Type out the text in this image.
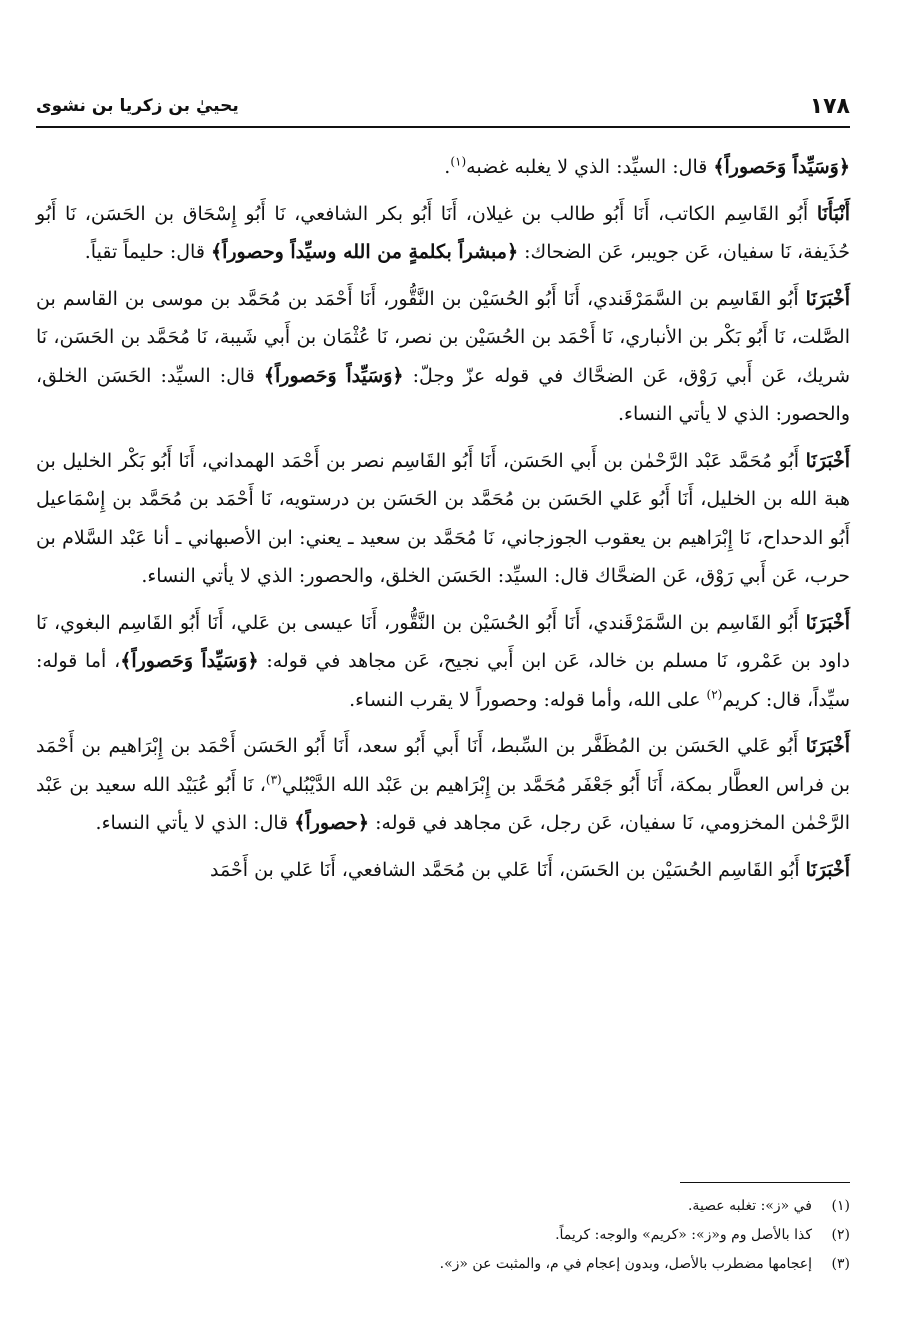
١٧٨
يحييٰ بن زكريا بن نشوى

﴿وَسَيِّداً وَحَصوراً﴾ قال: السيِّد: الذي لا يغلبه غضبه$^{(١)}$.

أَنْبَأَنَا أَبُو القَاسِم الكاتب، أَنَا أَبُو طالب بن غيلان، أَنَا أَبُو بكر الشافعي، نَا أَبُو إِسْحَاق بن الحَسَن، نَا أَبُو حُذَيفة، نَا سفيان، عَن جويبر، عَن الضحاك: ﴿مبشراً بكلمةٍ من الله وسيِّداً وحصوراً﴾ قال: حليماً تقياً.

أَخْبَرَنَا أَبُو القَاسِم بن السَّمَرْقَندي، أَنَا أَبُو الحُسَيْن بن النَّقُّور، أَنَا أَحْمَد بن مُحَمَّد بن موسى بن القاسم بن الصَّلت، نَا أَبُو بَكْر بن الأنباري، نَا أَحْمَد بن الحُسَيْن بن نصر، نَا عُثْمَان بن أَبي شَيبة، نَا مُحَمَّد بن الحَسَن، نَا شريك، عَن أَبي رَوْق، عَن الضحَّاك في قوله عزّ وجلّ: ﴿وَسَيِّداً وَحَصوراً﴾ قال: السيِّد: الحَسَن الخلق، والحصور: الذي لا يأتي النساء.

أَخْبَرَنَا أَبُو مُحَمَّد عَبْد الرَّحْمٰن بن أَبي الحَسَن، أَنَا أَبُو القَاسِم نصر بن أَحْمَد الهمداني، أَنَا أَبُو بَكْر الخليل بن هبة الله بن الخليل، أَنَا أَبُو عَلي الحَسَن بن مُحَمَّد بن الحَسَن بن درستويه، نَا أَحْمَد بن مُحَمَّد بن إِسْمَاعيل أَبُو الدحداح، نَا إِبْرَاهيم بن يعقوب الجوزجاني، نَا مُحَمَّد بن سعيد ـ يعني: ابن الأصبهاني ـ أنا عَبْد السَّلام بن حرب، عَن أَبي رَوْق، عَن الضحَّاك قال: السيِّد: الحَسَن الخلق، والحصور: الذي لا يأتي النساء.

أَخْبَرَنَا أَبُو القَاسِم بن السَّمَرْقَندي، أَنَا أَبُو الحُسَيْن بن النَّقُّور، أَنَا عيسى بن عَلي، أَنَا أَبُو القَاسِم البغوي، نَا داود بن عَمْرو، نَا مسلم بن خالد، عَن ابن أَبي نجيح، عَن مجاهد في قوله: ﴿وَسَيِّداً وَحَصوراً﴾، أما قوله: سيِّداً، قال: كريم$^{(٢)}$ على الله، وأما قوله: وحصوراً لا يقرب النساء.

أَخْبَرَنَا أَبُو عَلي الحَسَن بن المُظَفَّر بن السِّبط، أَنَا أَبي أَبُو سعد، أَنَا أَبُو الحَسَن أَحْمَد بن إِبْرَاهيم بن أَحْمَد بن فراس العطَّار بمكة، أَنَا أَبُو جَعْفَر مُحَمَّد بن إِبْرَاهيم بن عَبْد الله الدَّيْبُلي$^{(٣)}$، نَا أَبُو عُبَيْد الله سعيد بن عَبْد الرَّحْمٰن المخزومي، نَا سفيان، عَن رجل، عَن مجاهد في قوله: ﴿حصوراً﴾ قال: الذي لا يأتي النساء.

أَخْبَرَنَا أَبُو القَاسِم الحُسَيْن بن الحَسَن، أَنَا عَلي بن مُحَمَّد الشافعي، أَنَا عَلي بن أَحْمَد

(١)
في «ز»: تغلبه عصية.
(٢)
كذا بالأصل وم و«ز»: «كريم» والوجه: كريماً.
(٣)
إعجامها مضطرب بالأصل، وبدون إعجام في م، والمثبت عن «ز».
